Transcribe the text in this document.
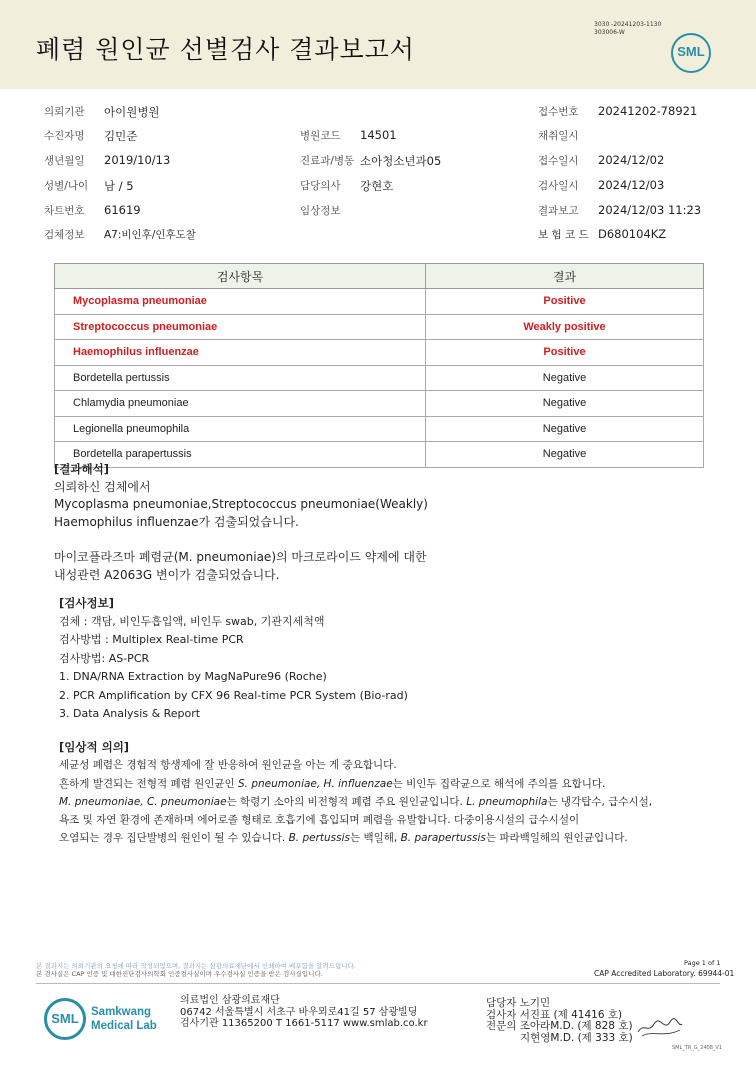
폐렴 원인균 선별검사 결과보고서
3030 -20241203-1130
303006-W
SML
의뢰기관 아이원병원	접수번호 20241202-78921
수진자명 김민준	병원코드 14501	채취일시
생년월일 2019/10/13	진료과/병동 소아청소년과05	접수일시 2024/12/02
성별/나이 남 / 5	담당의사 강현호	검사일시 2024/12/03
차트번호 61619	임상정보	결과보고 2024/12/03 11:23
검체정보 A7:비인후/인후도찰	보 험 코 드 D680104KZ
검사항목	결과
Mycoplasma pneumoniae	Positive
Streptococcus pneumoniae	Weakly positive
Haemophilus influenzae	Positive
Bordetella pertussis	Negative
Chlamydia pneumoniae	Negative
Legionella pneumophila	Negative
Bordetella parapertussis	Negative
[결과해석]
의뢰하신 검체에서
Mycoplasma pneumoniae,Streptococcus pneumoniae(Weakly)
Haemophilus influenzae가 검출되었습니다.
마이코플라즈마 폐렴균(M. pneumoniae)의 마크로라이드 약제에 대한
내성관련 A2063G 변이가 검출되었습니다.
[검사정보]
검체 : 객담, 비인두흡입액, 비인두 swab, 기관지세척액
검사방법 : Multiplex Real-time PCR
검사방법: AS-PCR
1. DNA/RNA Extraction by MagNaPure96 (Roche)
2. PCR Amplification by CFX 96 Real-time PCR System (Bio-rad)
3. Data Analysis & Report
[임상적 의의]
세균성 폐렴은 경험적 항생제에 잘 반응하여 원인균을 아는 게 중요합니다.
흔하게 발견되는 전형적 폐렴 원인균인 S. pneumoniae, H. influenzae는 비인두 집락균으로 해석에 주의를 요합니다.
M. pneumoniae, C. pneumoniae는 학령기 소아의 비전형적 폐렴 주요 원인균입니다. L. pneumophila는 냉각탑수, 급수시설,
욕조 및 자연 환경에 존재하며 에어로졸 형태로 호흡기에 흡입되며 폐렴을 유발합니다. 다중이용시설의 급수시설이
오염되는 경우 집단발병의 원인이 될 수 있습니다. B. pertussis는 백일해, B. parapertussis는 파라백일해의 원인균입니다.
본 결과지는 의뢰기관의 요청에 따라 작성되었으며, 결과지는 삼광의료재단에서 인쇄하여 배포함을 알려드립니다.
본 검사실은 CAP 인증 및 대한진단검사의학회 인증검사실이며 우수검사실 인증을 받은 검사실입니다.
Page 1 of 1
CAP Accredited Laboratory. 69944-01
SML	Samkwang
Medical Lab
의료법인 삼광의료재단
06742 서울특별시 서초구 바우뫼로41길 57 삼광빌딩
검사기관 11365200 T 1661-5117 www.smlab.co.kr
담당자 노기민
검사자 서진표 (제 41416 호)
전문의 조아라M.D. (제 828 호)
지현영M.D. (제 333 호)
SML_TR_G_2408_V1
